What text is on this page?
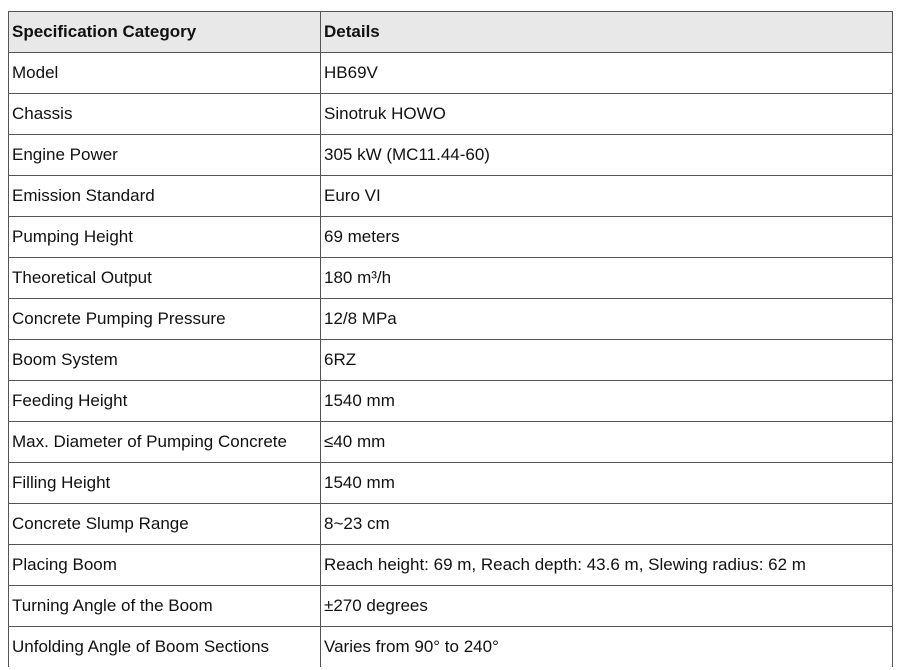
Specification Category	Details
Model	HB69V
Chassis	Sinotruk HOWO
Engine Power	305 kW (MC11.44-60)
Emission Standard	Euro VI
Pumping Height	69 meters
Theoretical Output	180 m³/h
Concrete Pumping Pressure	12/8 MPa
Boom System	6RZ
Feeding Height	1540 mm
Max. Diameter of Pumping Concrete	≤40 mm
Filling Height	1540 mm
Concrete Slump Range	8~23 cm
Placing Boom	Reach height: 69 m, Reach depth: 43.6 m, Slewing radius: 62 m
Turning Angle of the Boom	±270 degrees
Unfolding Angle of Boom Sections	Varies from 90° to 240°
